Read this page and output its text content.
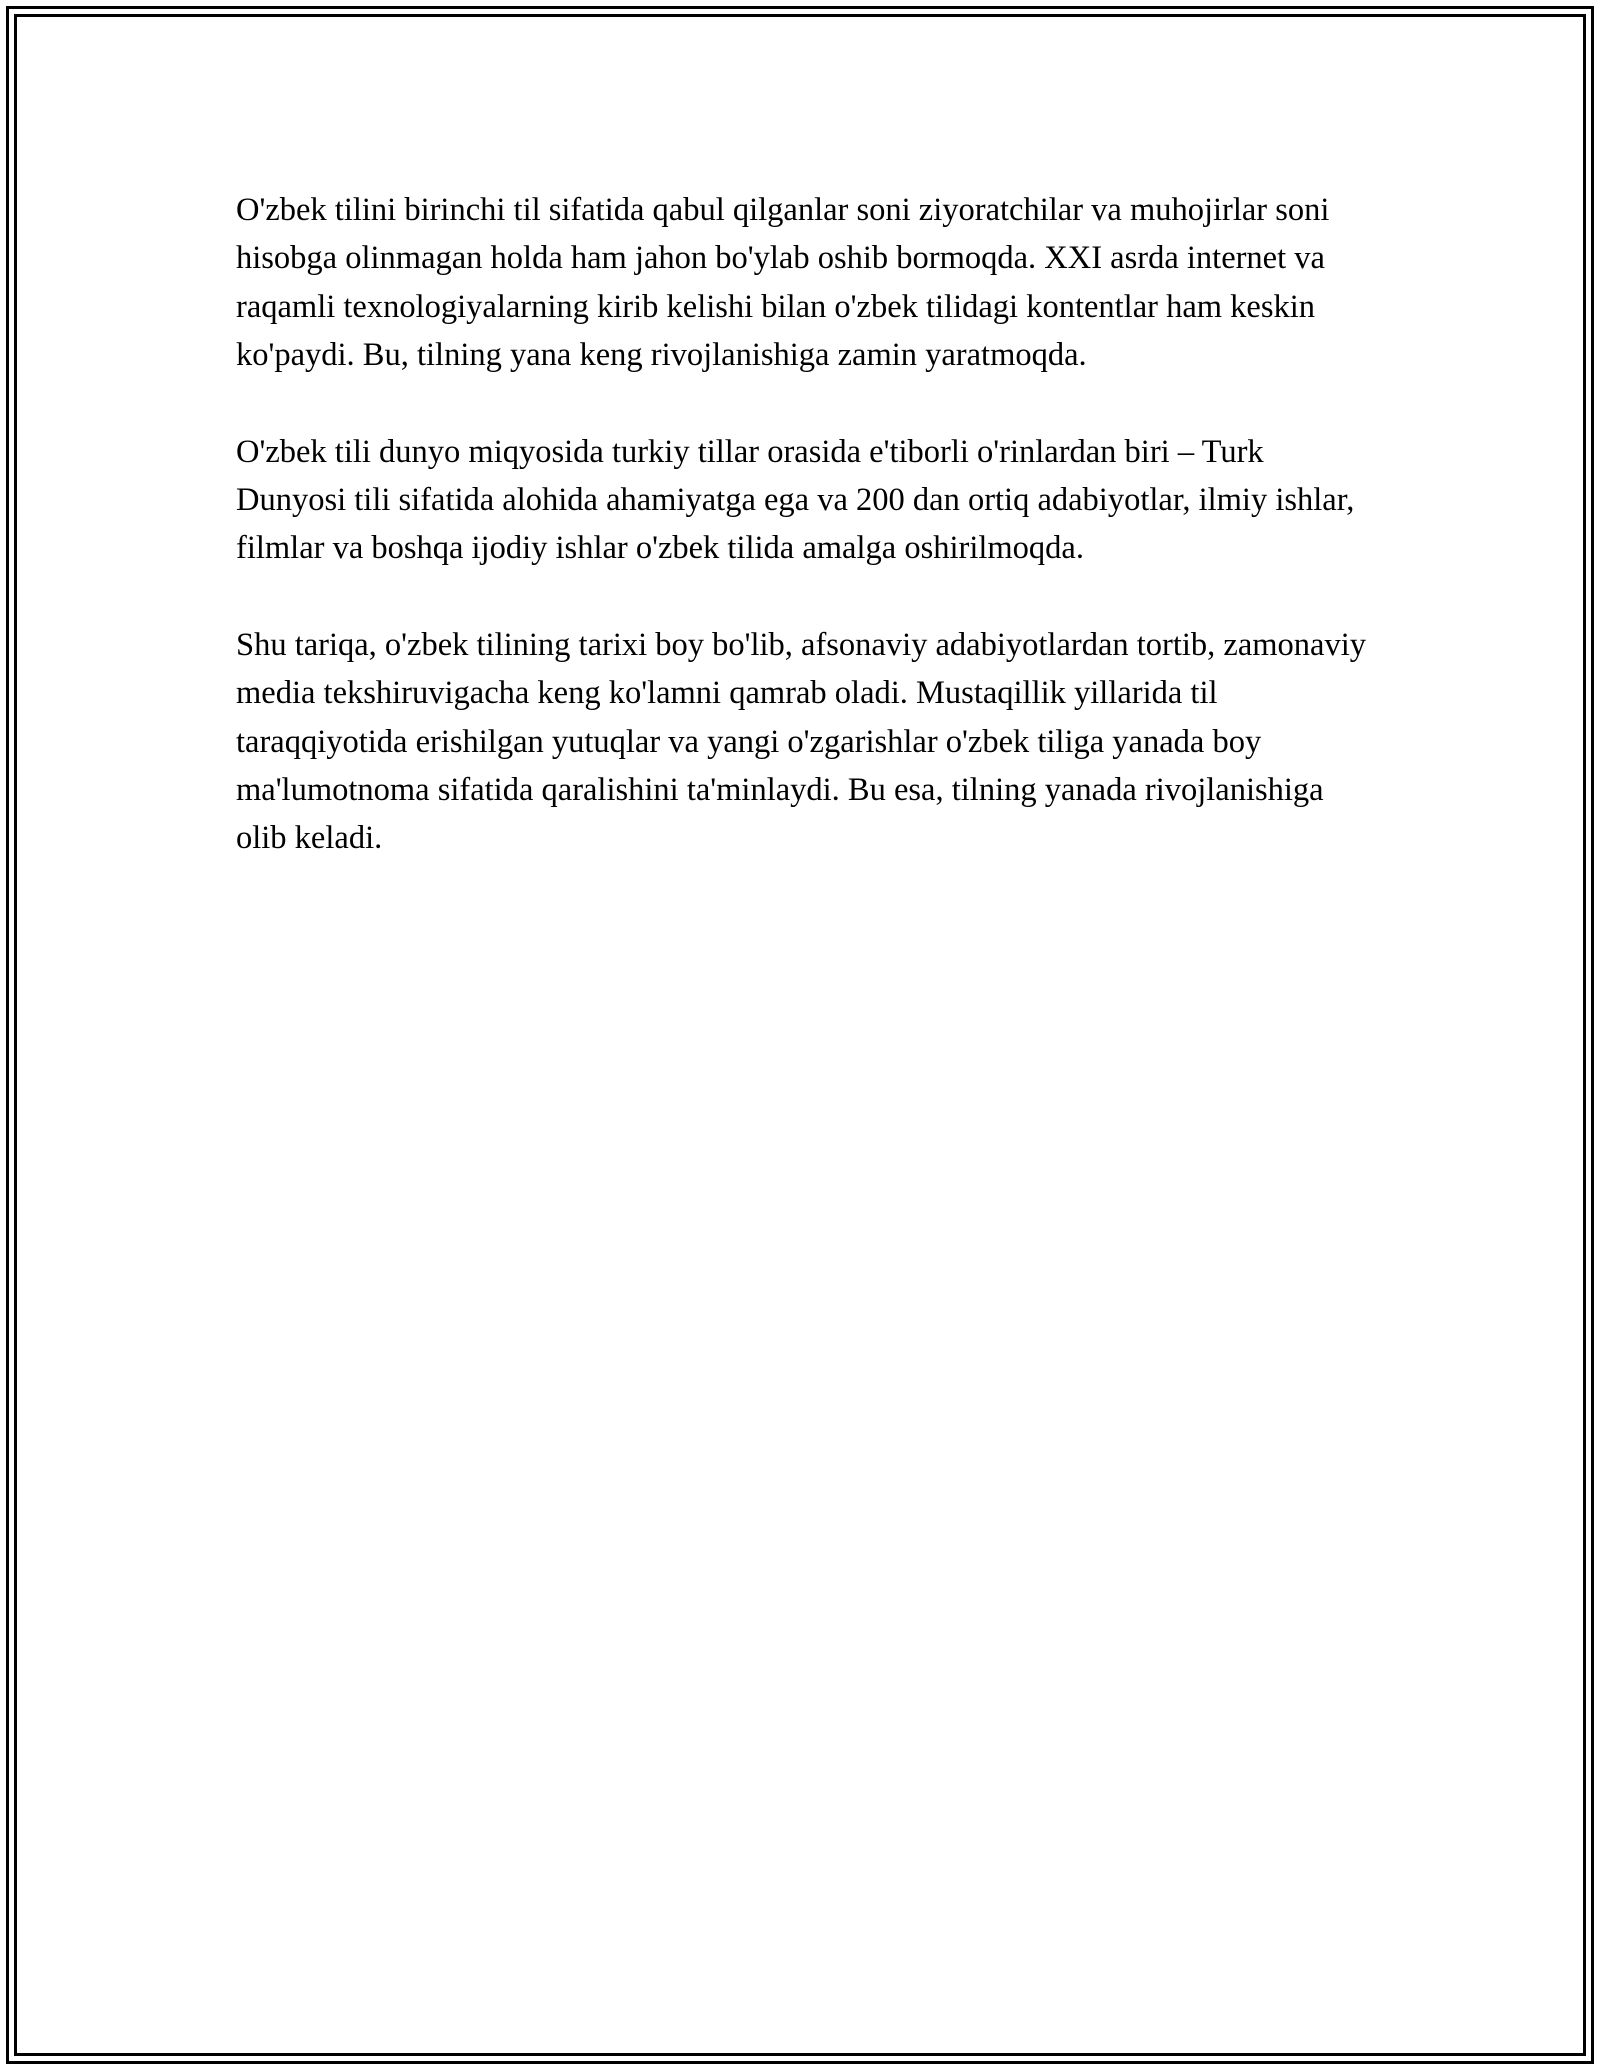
O'zbek tilini birinchi til sifatida qabul qilganlar soni ziyoratchilar va muhojirlar soni hisobga olinmagan holda ham jahon bo'ylab oshib bormoqda. XXI asrda internet va raqamli texnologiyalarning kirib kelishi bilan o'zbek tilidagi kontentlar ham keskin ko'paydi. Bu, tilning yana keng rivojlanishiga zamin yaratmoqda.

O'zbek tili dunyo miqyosida turkiy tillar orasida e'tiborli o'rinlardan biri – Turk Dunyosi tili sifatida alohida ahamiyatga ega va 200 dan ortiq adabiyotlar, ilmiy ishlar, filmlar va boshqa ijodiy ishlar o'zbek tilida amalga oshirilmoqda.

Shu tariqa, o'zbek tilining tarixi boy bo'lib, afsonaviy adabiyotlardan tortib, zamonaviy media tekshiruvigacha keng ko'lamni qamrab oladi. Mustaqillik yillarida til taraqqiyotida erishilgan yutuqlar va yangi o'zgarishlar o'zbek tiliga yanada boy ma'lumotnoma sifatida qaralishini ta'minlaydi. Bu esa, tilning yanada rivojlanishiga olib keladi.
